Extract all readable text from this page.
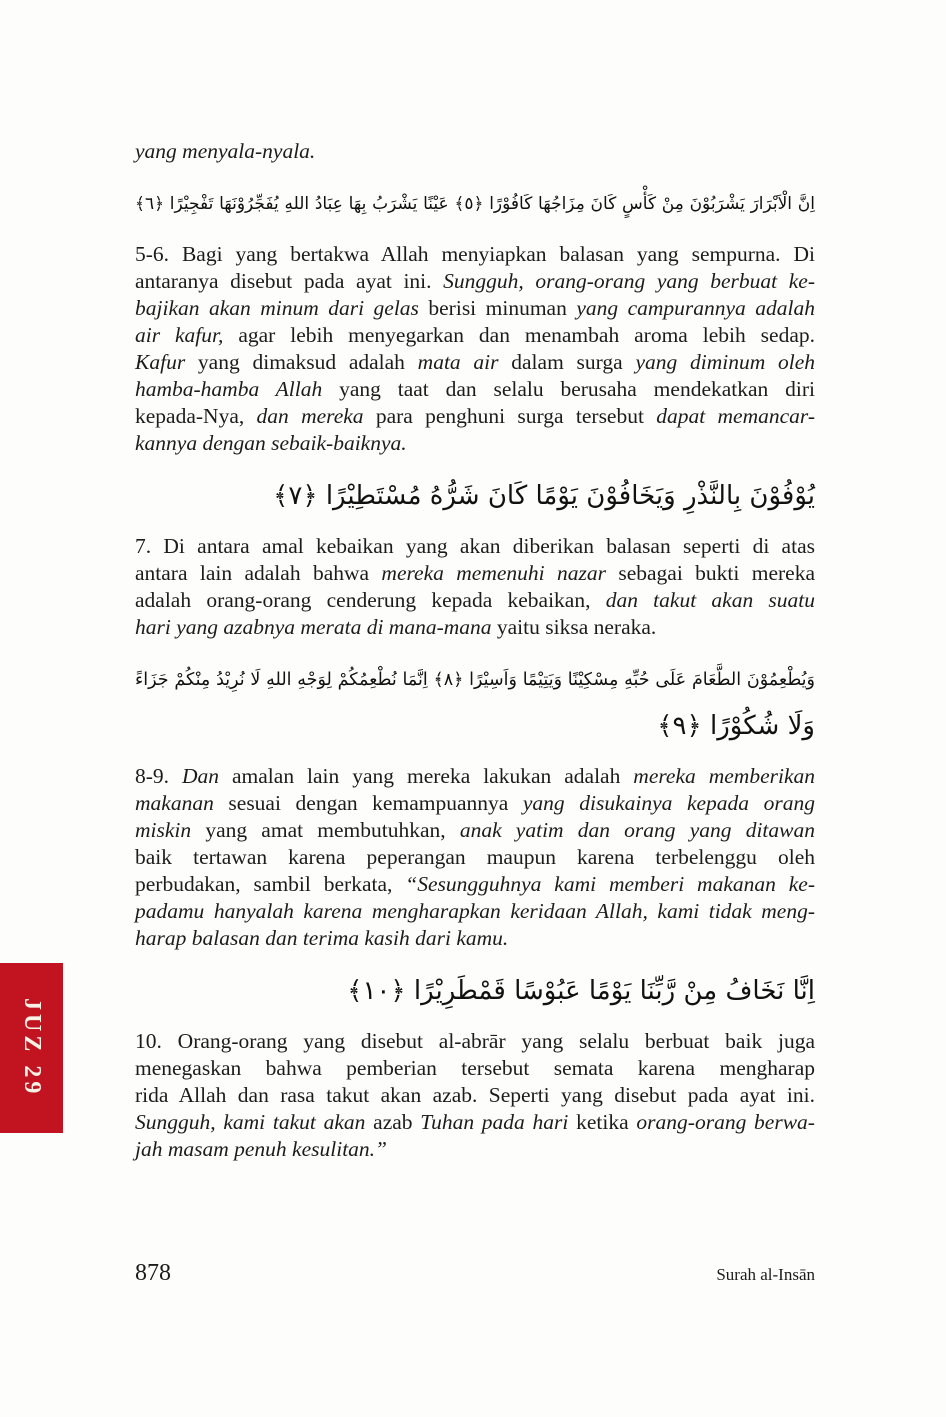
yang menyala-nyala.
اِنَّ الْاَبْرَارَ يَشْرَبُوْنَ مِنْ كَأْسٍ كَانَ مِزَاجُهَا كَافُوْرًا ﴿٥﴾ عَيْنًا يَشْرَبُ بِهَا عِبَادُ اللهِ يُفَجِّرُوْنَهَا تَفْجِيْرًا ﴿٦﴾
5-6. Bagi yang bertakwa Allah menyiapkan balasan yang sempurna. Di
antaranya disebut pada ayat ini. Sungguh, orang-orang yang berbuat ke-
bajikan akan minum dari gelas berisi minuman yang campurannya adalah
air kafur, agar lebih menyegarkan dan menambah aroma lebih sedap.
Kafur yang dimaksud adalah mata air dalam surga yang diminum oleh
hamba-hamba Allah yang taat dan selalu berusaha mendekatkan diri
kepada-Nya, dan mereka para penghuni surga tersebut dapat memancar-
kannya dengan sebaik-baiknya.
يُوْفُوْنَ بِالنَّذْرِ وَيَخَافُوْنَ يَوْمًا كَانَ شَرُّهُ مُسْتَطِيْرًا ﴿٧﴾
7. Di antara amal kebaikan yang akan diberikan balasan seperti di atas
antara lain adalah bahwa mereka memenuhi nazar sebagai bukti mereka
adalah orang-orang cenderung kepada kebaikan, dan takut akan suatu
hari yang azabnya merata di mana-mana yaitu siksa neraka.
وَيُطْعِمُوْنَ الطَّعَامَ عَلَى حُبِّهِ مِسْكِيْنًا وَيَتِيْمًا وَاَسِيْرًا ﴿٨﴾ اِنَّمَا نُطْعِمُكُمْ لِوَجْهِ اللهِ لَا نُرِيْدُ مِنْكُمْ جَزَاءً
وَلَا شُكُوْرًا ﴿٩﴾
8-9. Dan amalan lain yang mereka lakukan adalah mereka memberikan
makanan sesuai dengan kemampuannya yang disukainya kepada orang
miskin yang amat membutuhkan, anak yatim dan orang yang ditawan
baik tertawan karena peperangan maupun karena terbelenggu oleh
perbudakan, sambil berkata, “Sesungguhnya kami memberi makanan ke-
padamu hanyalah karena mengharapkan keridaan Allah, kami tidak meng-
harap balasan dan terima kasih dari kamu.
اِنَّا نَخَافُ مِنْ رَّبِّنَا يَوْمًا عَبُوْسًا قَمْطَرِيْرًا ﴿١٠﴾
10. Orang-orang yang disebut al-abrār yang selalu berbuat baik juga
menegaskan bahwa pemberian tersebut semata karena mengharap
rida Allah dan rasa takut akan azab. Seperti yang disebut pada ayat ini.
Sungguh, kami takut akan azab Tuhan pada hari ketika orang-orang berwa-
jah masam penuh kesulitan.”
JUZ 29
878	Surah al-Insān
